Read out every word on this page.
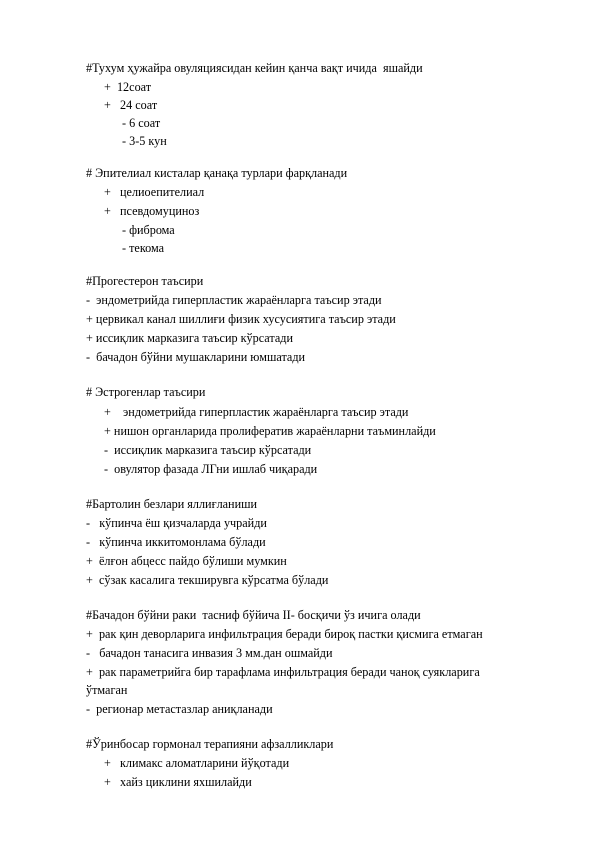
#Тухум ҳужайра овуляциясидан кейин қанча вақт ичида  яшайди
+  12соат
+   24 соат
- 6 соат
- 3-5 кун
# Эпителиал кисталар қанақа турлари фарқланади
+   целиоепителиал
+   псевдомуциноз
- фиброма
- текома
#Прогестерон таъсири
-  эндометрийда гиперпластик жараёнларга таъсир этади
+ цервикал канал шиллиғи физик хусусиятига таъсир этади
+ иссиқлик марказига таъсир кўрсатади
-  бачадон бўйни мушакларини юмшатади
# Эстрогенлар таъсири
+    эндометрийда гиперпластик жараёнларга таъсир этади
+ нишон органларида пролифератив жараёнларни таъминлайди
-  иссиқлик марказига таъсир кўрсатади
-  овулятор фазада ЛГни ишлаб чиқаради
#Бартолин безлари яллиғланиши
-   кўпинча ёш қизчаларда учрайди
-   кўпинча иккитомонлама бўлади
+  ёлғон абцесс пайдо бўлиши мумкин
+  сўзак касалига текширувга кўрсатма бўлади
#Бачадон бўйни раки  тасниф бўйича II- босқичи ўз ичига олади
+  рак қин деворларига инфильтрация беради бироқ пастки қисмига етмаган
-   бачадон танасига инвазия 3 мм.дан ошмайди
+  рак параметрийга бир тарафлама инфильтрация беради чаноқ суякларига
ўтмаган
-  регионар метастазлар аниқланади
#Ўринбосар гормонал терапияни афзалликлари
+   климакс аломатларини йўқотади
+   хайз циклини яхшилайди
